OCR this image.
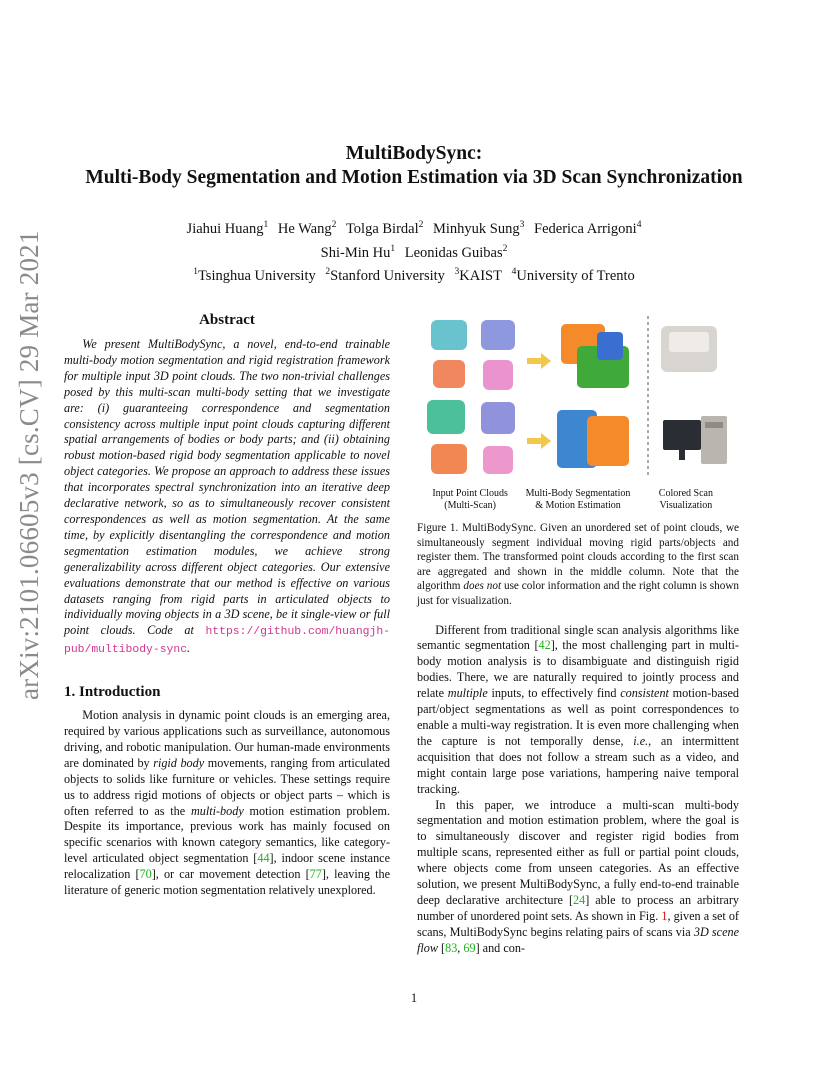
arXiv:2101.06605v3 [cs.CV] 29 Mar 2021
MultiBodySync:
Multi-Body Segmentation and Motion Estimation via 3D Scan Synchronization
Jiahui Huang$^1$ He Wang$^2$ Tolga Birdal$^2$ Minhyuk Sung$^3$ Federica Arrigoni$^4$
Shi-Min Hu$^1$ Leonidas Guibas$^2$
$^1$Tsinghua University $^2$Stanford University $^3$KAIST $^4$University of Trento
Abstract
We present MultiBodySync, a novel, end-to-end trainable multi-body motion segmentation and rigid registration framework for multiple input 3D point clouds. The two non-trivial challenges posed by this multi-scan multi-body setting that we investigate are: (i) guaranteeing correspondence and segmentation consistency across multiple input point clouds capturing different spatial arrangements of bodies or body parts; and (ii) obtaining robust motion-based rigid body segmentation applicable to novel object categories. We propose an approach to address these issues that incorporates spectral synchronization into an iterative deep declarative network, so as to simultaneously recover consistent correspondences as well as motion segmentation. At the same time, by explicitly disentangling the correspondence and motion segmentation estimation modules, we achieve strong generalizability across different object categories. Our extensive evaluations demonstrate that our method is effective on various datasets ranging from rigid parts in articulated objects to individually moving objects in a 3D scene, be it single-view or full point clouds. Code at https://github.com/huangjh-pub/multibody-sync.
1. Introduction
Motion analysis in dynamic point clouds is an emerging area, required by various applications such as surveillance, autonomous driving, and robotic manipulation. Our human-made environments are dominated by rigid body movements, ranging from articulated objects to solids like furniture or vehicles. These settings require us to address rigid motions of objects or object parts – which is often referred to as the multi-body motion estimation problem. Despite its importance, previous work has mainly focused on specific scenarios with known category semantics, like category-level articulated object segmentation [44], indoor scene instance relocalization [70], or car movement detection [77], leaving the literature of generic motion segmentation relatively unexplored.
Input Point Clouds
(Multi-Scan)
Multi-Body Segmentation
& Motion Estimation
Colored Scan
Visualization
Figure 1. MultiBodySync. Given an unordered set of point clouds, we simultaneously segment individual moving rigid parts/objects and register them. The transformed point clouds according to the first scan are aggregated and shown in the middle column. Note that the algorithm does not use color information and the right column is shown just for visualization.
Different from traditional single scan analysis algorithms like semantic segmentation [42], the most challenging part in multi-body motion analysis is to disambiguate and distinguish rigid bodies. There, we are naturally required to jointly process and relate multiple inputs, to effectively find consistent motion-based part/object segmentations as well as point correspondences to enable a multi-way registration. It is even more challenging when the capture is not temporally dense, i.e., an intermittent acquisition that does not follow a stream such as a video, and might contain large pose variations, hampering naive temporal tracking.
In this paper, we introduce a multi-scan multi-body segmentation and motion estimation problem, where the goal is to simultaneously discover and register rigid bodies from multiple scans, represented either as full or partial point clouds, where objects come from unseen categories. As an effective solution, we present MultiBodySync, a fully end-to-end trainable deep declarative architecture [24] able to process an arbitrary number of unordered point sets. As shown in Fig. 1, given a set of scans, MultiBodySync begins relating pairs of scans via 3D scene flow [83, 69] and con-
1
